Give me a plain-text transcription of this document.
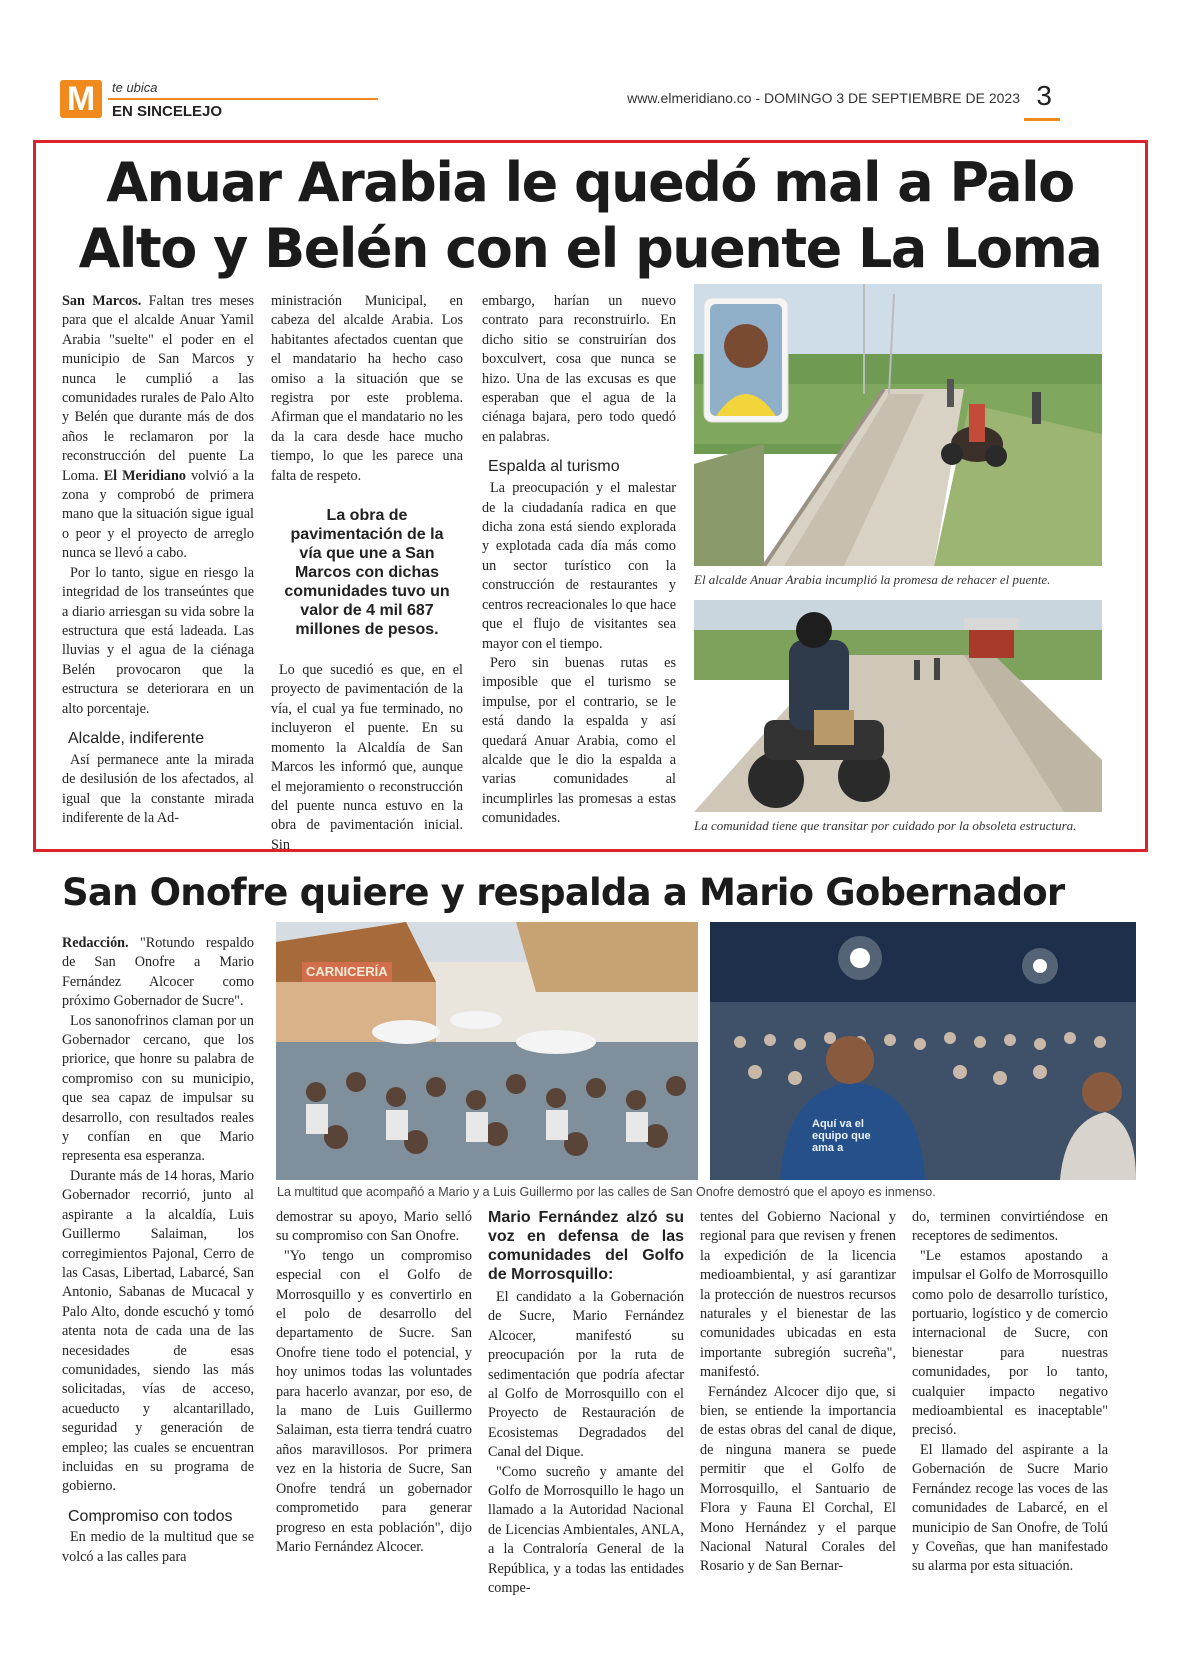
M	te ubica
EN SINCELEJO
www.elmeridiano.co - DOMINGO 3 DE SEPTIEMBRE DE 2023 3
Anuar Arabia le quedó mal a Palo Alto y Belén con el puente La Loma

San Marcos. Faltan tres meses para que el alcalde Anuar Yamil Arabia "suelte" el poder en el municipio de San Marcos y nunca le cumplió a las comunidades rurales de Palo Alto y Belén que durante más de dos años le reclamaron por la reconstrucción del puente La Loma. El Meridiano volvió a la zona y comprobó de primera mano que la situación sigue igual o peor y el proyecto de arreglo nunca se llevó a cabo.

Por lo tanto, sigue en riesgo la integridad de los transeúntes que a diario arriesgan su vida sobre la estructura que está ladeada. Las lluvias y el agua de la ciénaga Belén provocaron que la estructura se deteriorara en un alto porcentaje.

Alcalde, indiferente

Así permanece ante la mirada de desilusión de los afectados, al igual que la constante mirada indiferente de la Ad-

ministración Municipal, en cabeza del alcalde Arabia. Los habitantes afectados cuentan que el mandatario ha hecho caso omiso a la situación que se registra por este problema. Afirman que el mandatario no les da la cara desde hace mucho tiempo, lo que les parece una falta de respeto.

La obra de pavimentación de la vía que une a San Marcos con dichas comunidades tuvo un valor de 4 mil 687 millones de pesos.

Lo que sucedió es que, en el proyecto de pavimentación de la vía, el cual ya fue terminado, no incluyeron el puente. En su momento la Alcaldía de San Marcos les informó que, aunque el mejoramiento o reconstrucción del puente nunca estuvo en la obra de pavimentación inicial. Sin

embargo, harían un nuevo contrato para reconstruirlo. En dicho sitio se construirían dos boxculvert, cosa que nunca se hizo. Una de las excusas es que esperaban que el agua de la ciénaga bajara, pero todo quedó en palabras.

Espalda al turismo

La preocupación y el malestar de la ciudadanía radica en que dicha zona está siendo explorada y explotada cada día más como un sector turístico con la construcción de restaurantes y centros recreacionales lo que hace que el flujo de visitantes sea mayor con el tiempo.

Pero sin buenas rutas es imposible que el turismo se impulse, por el contrario, se le está dando la espalda y así quedará Anuar Arabia, como el alcalde que le dio la espalda a varias comunidades al incumplirles las promesas a estas comunidades.

El alcalde Anuar Arabia incumplió la promesa de rehacer el puente.
La comunidad tiene que transitar por cuidado por la obsoleta estructura.
San Onofre quiere y respalda a Mario Gobernador

Redacción. "Rotundo respaldo de San Onofre a Mario Fernández Alcocer como próximo Gobernador de Sucre".

Los sanonofrinos claman por un Gobernador cercano, que los priorice, que honre su palabra de compromiso con su municipio, que sea capaz de impulsar su desarrollo, con resultados reales y confían en que Mario representa esa esperanza.

Durante más de 14 horas, Mario Gobernador recorrió, junto al aspirante a la alcaldía, Luis Guillermo Salaiman, los corregimientos Pajonal, Cerro de las Casas, Libertad, Labarcé, San Antonio, Sabanas de Mucacal y Palo Alto, donde escuchó y tomó atenta nota de cada una de las necesidades de esas comunidades, siendo las más solicitadas, vías de acceso, acueducto y alcantarillado, seguridad y generación de empleo; las cuales se encuentran incluidas en su programa de gobierno.

Compromiso con todos

En medio de la multitud que se volcó a las calles para

CARNICERÍA
Aquí va el equipo que ama a
La multitud que acompañó a Mario y a Luis Guillermo por las calles de San Onofre demostró que el apoyo es inmenso.

demostrar su apoyo, Mario selló su compromiso con San Onofre.

"Yo tengo un compromiso especial con el Golfo de Morrosquillo y es convertirlo en el polo de desarrollo del departamento de Sucre. San Onofre tiene todo el potencial, y hoy unimos todas las voluntades para hacerlo avanzar, por eso, de la mano de Luis Guillermo Salaiman, esta tierra tendrá cuatro años maravillosos. Por primera vez en la historia de Sucre, San Onofre tendrá un gobernador comprometido para generar progreso en esta población", dijo Mario Fernández Alcocer.

Mario Fernández alzó su voz en defensa de las comunidades del Golfo de Morrosquillo:

El candidato a la Gobernación de Sucre, Mario Fernández Alcocer, manifestó su preocupación por la ruta de sedimentación que podría afectar al Golfo de Morrosquillo con el Proyecto de Restauración de Ecosistemas Degradados del Canal del Dique.

"Como sucreño y amante del Golfo de Morrosquillo le hago un llamado a la Autoridad Nacional de Licencias Ambientales, ANLA, a la Contraloría General de la República, y a todas las entidades compe-

tentes del Gobierno Nacional y regional para que revisen y frenen la expedición de la licencia medioambiental, y así garantizar la protección de nuestros recursos naturales y el bienestar de las comunidades ubicadas en esta importante subregión sucreña", manifestó.

Fernández Alcocer dijo que, si bien, se entiende la importancia de estas obras del canal de dique, de ninguna manera se puede permitir que el Golfo de Morrosquillo, el Santuario de Flora y Fauna El Corchal, El Mono Hernández y el parque Nacional Natural Corales del Rosario y de San Bernar-

do, terminen convirtiéndose en receptores de sedimentos.

"Le estamos apostando a impulsar el Golfo de Morrosquillo como polo de desarrollo turístico, portuario, logístico y de comercio internacional de Sucre, con bienestar para nuestras comunidades, por lo tanto, cualquier impacto negativo medioambiental es inaceptable" precisó.

El llamado del aspirante a la Gobernación de Sucre Mario Fernández recoge las voces de las comunidades de Labarcé, en el municipio de San Onofre, de Tolú y Coveñas, que han manifestado su alarma por esta situación.
